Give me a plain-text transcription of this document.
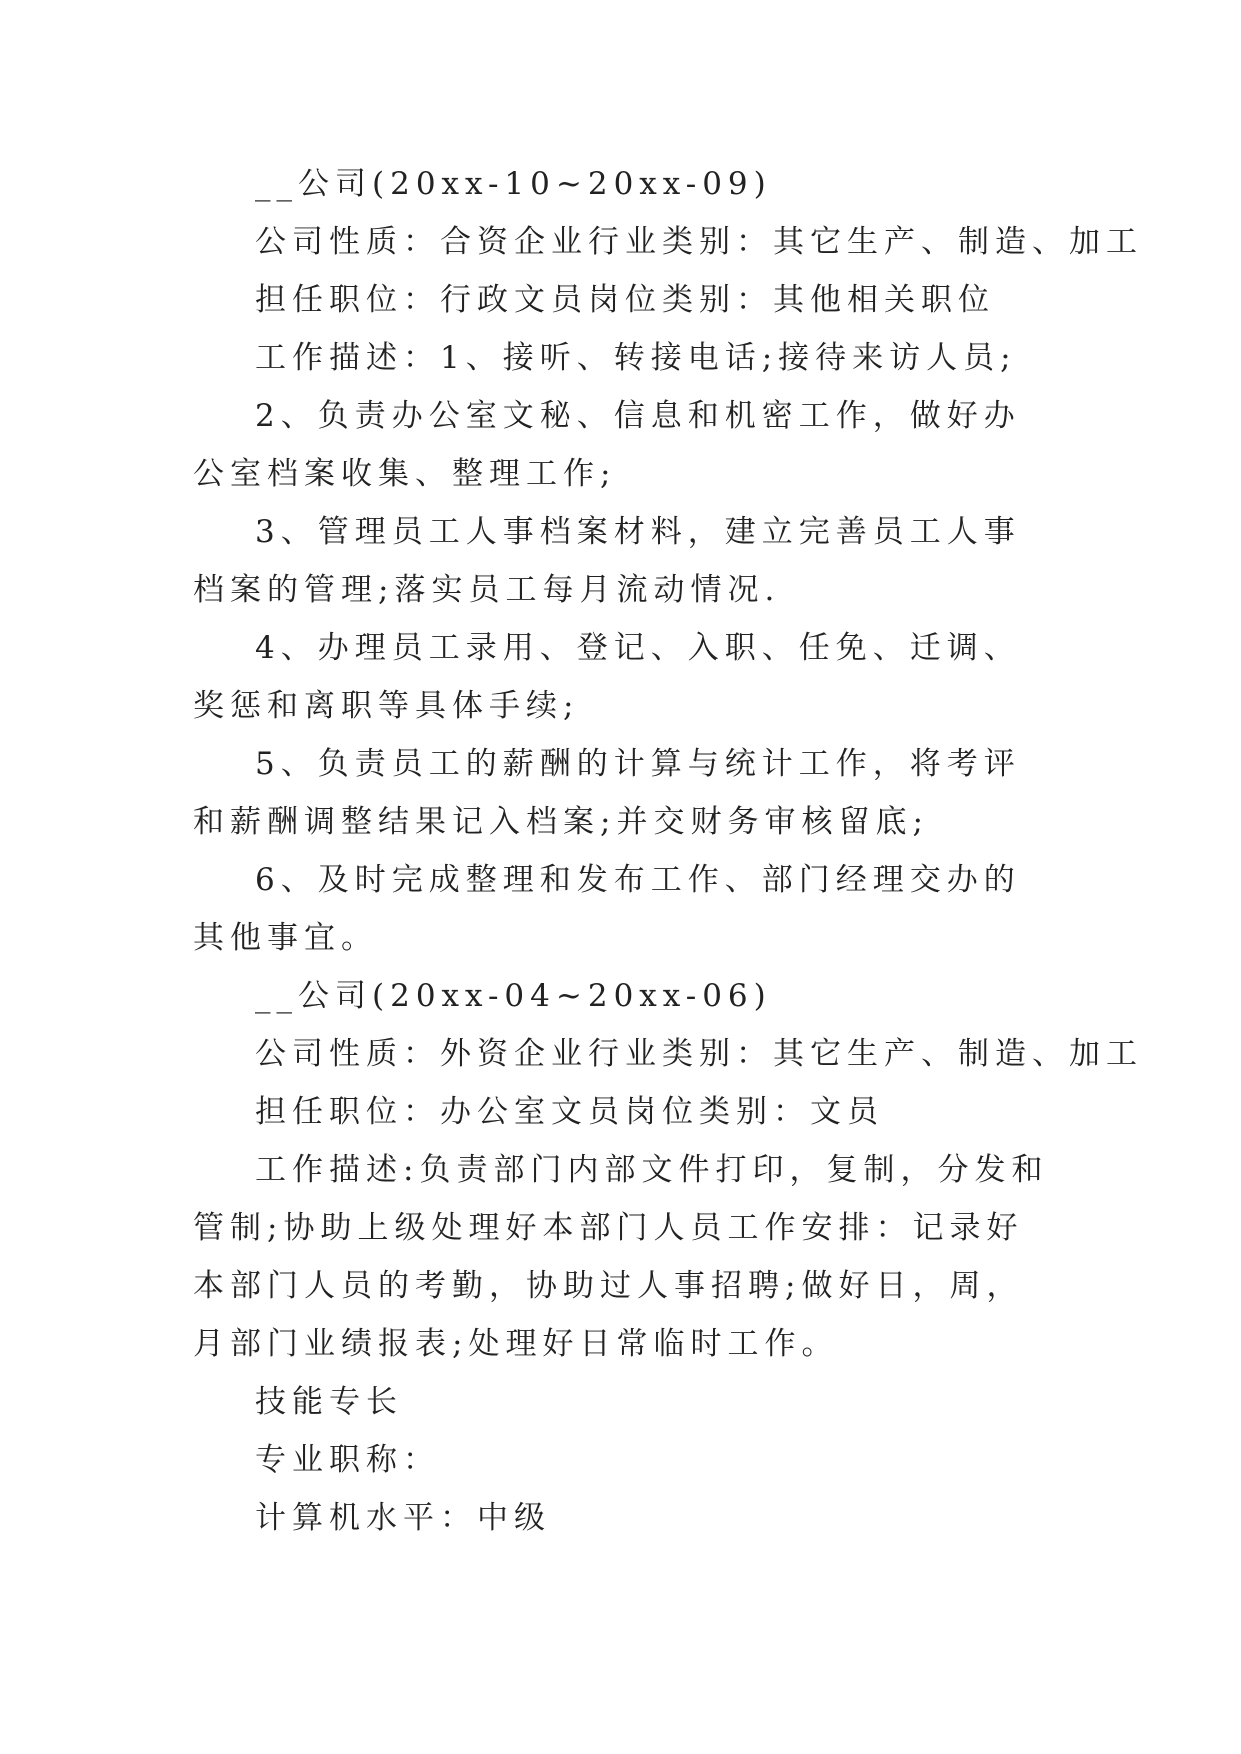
__公司(20xx-10~20xx-09)
公司性质：合资企业行业类别：其它生产、制造、加工
担任职位：行政文员岗位类别：其他相关职位
工作描述：1、接听、转接电话;接待来访人员;
2、负责办公室文秘、信息和机密工作，做好办公室档案收集、整理工作;
3、管理员工人事档案材料，建立完善员工人事档案的管理;落实员工每月流动情况.
4、办理员工录用、登记、入职、任免、迁调、奖惩和离职等具体手续;
5、负责员工的薪酬的计算与统计工作，将考评和薪酬调整结果记入档案;并交财务审核留底;
6、及时完成整理和发布工作、部门经理交办的其他事宜。
__公司(20xx-04~20xx-06)
公司性质：外资企业行业类别：其它生产、制造、加工
担任职位：办公室文员岗位类别：文员
工作描述:负责部门内部文件打印，复制，分发和管制;协助上级处理好本部门人员工作安排：记录好本部门人员的考勤，协助过人事招聘;做好日，周，月部门业绩报表;处理好日常临时工作。
技能专长
专业职称：
计算机水平：中级
